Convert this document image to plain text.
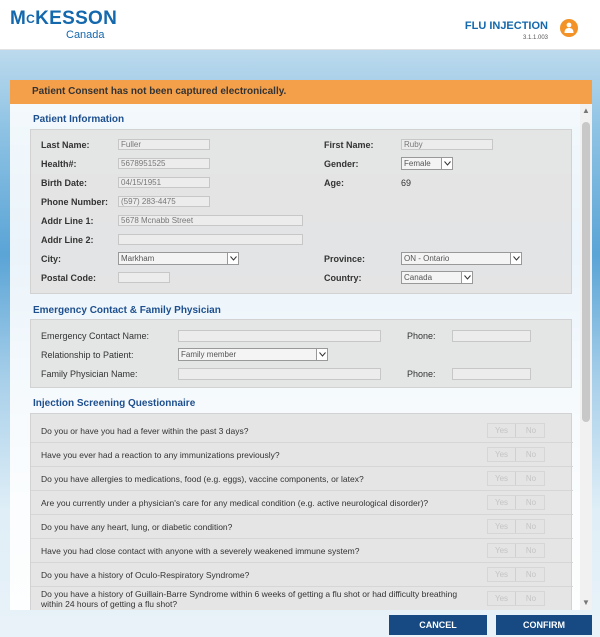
$M^CKESSON$
Canada
FLU INJECTION
3.1.1.003
Patient Consent has not been captured electronically.
Patient Information
Last Name:	Fuller	First Name:	Ruby
Health#:	5678951525	Gender:	Female
Birth Date:	04/15/1951	Age:	69
Phone Number:	(597) 283-4475
Addr Line 1:	5678 Mcnabb Street
Addr Line 2:
City:	Markham	Province:	ON - Ontario
Postal Code:	Country:	Canada
Emergency Contact & Family Physician
Emergency Contact Name:	Phone:
Relationship to Patient:	Family member
Family Physician Name:	Phone:
Injection Screening Questionnaire
Do you or have you had a fever within the past 3 days?	Yes	No
Have you ever had a reaction to any immunizations previously?	Yes	No
Do you have allergies to medications, food (e.g. eggs), vaccine components, or latex?	Yes	No
Are you currently under a physician's care for any medical condition (e.g. active neurological disorder)?	Yes	No
Do you have any heart, lung, or diabetic condition?	Yes	No
Have you had close contact with anyone with a severely weakened immune system?	Yes	No
Do you have a history of Oculo-Respiratory Syndrome?	Yes	No
Do you have a history of Guillain-Barre Syndrome within 6 weeks of getting a flu shot or had difficulty breathing within 24 hours of getting a flu shot?
Yes	No
▲
▼
CANCEL	CONFIRM
